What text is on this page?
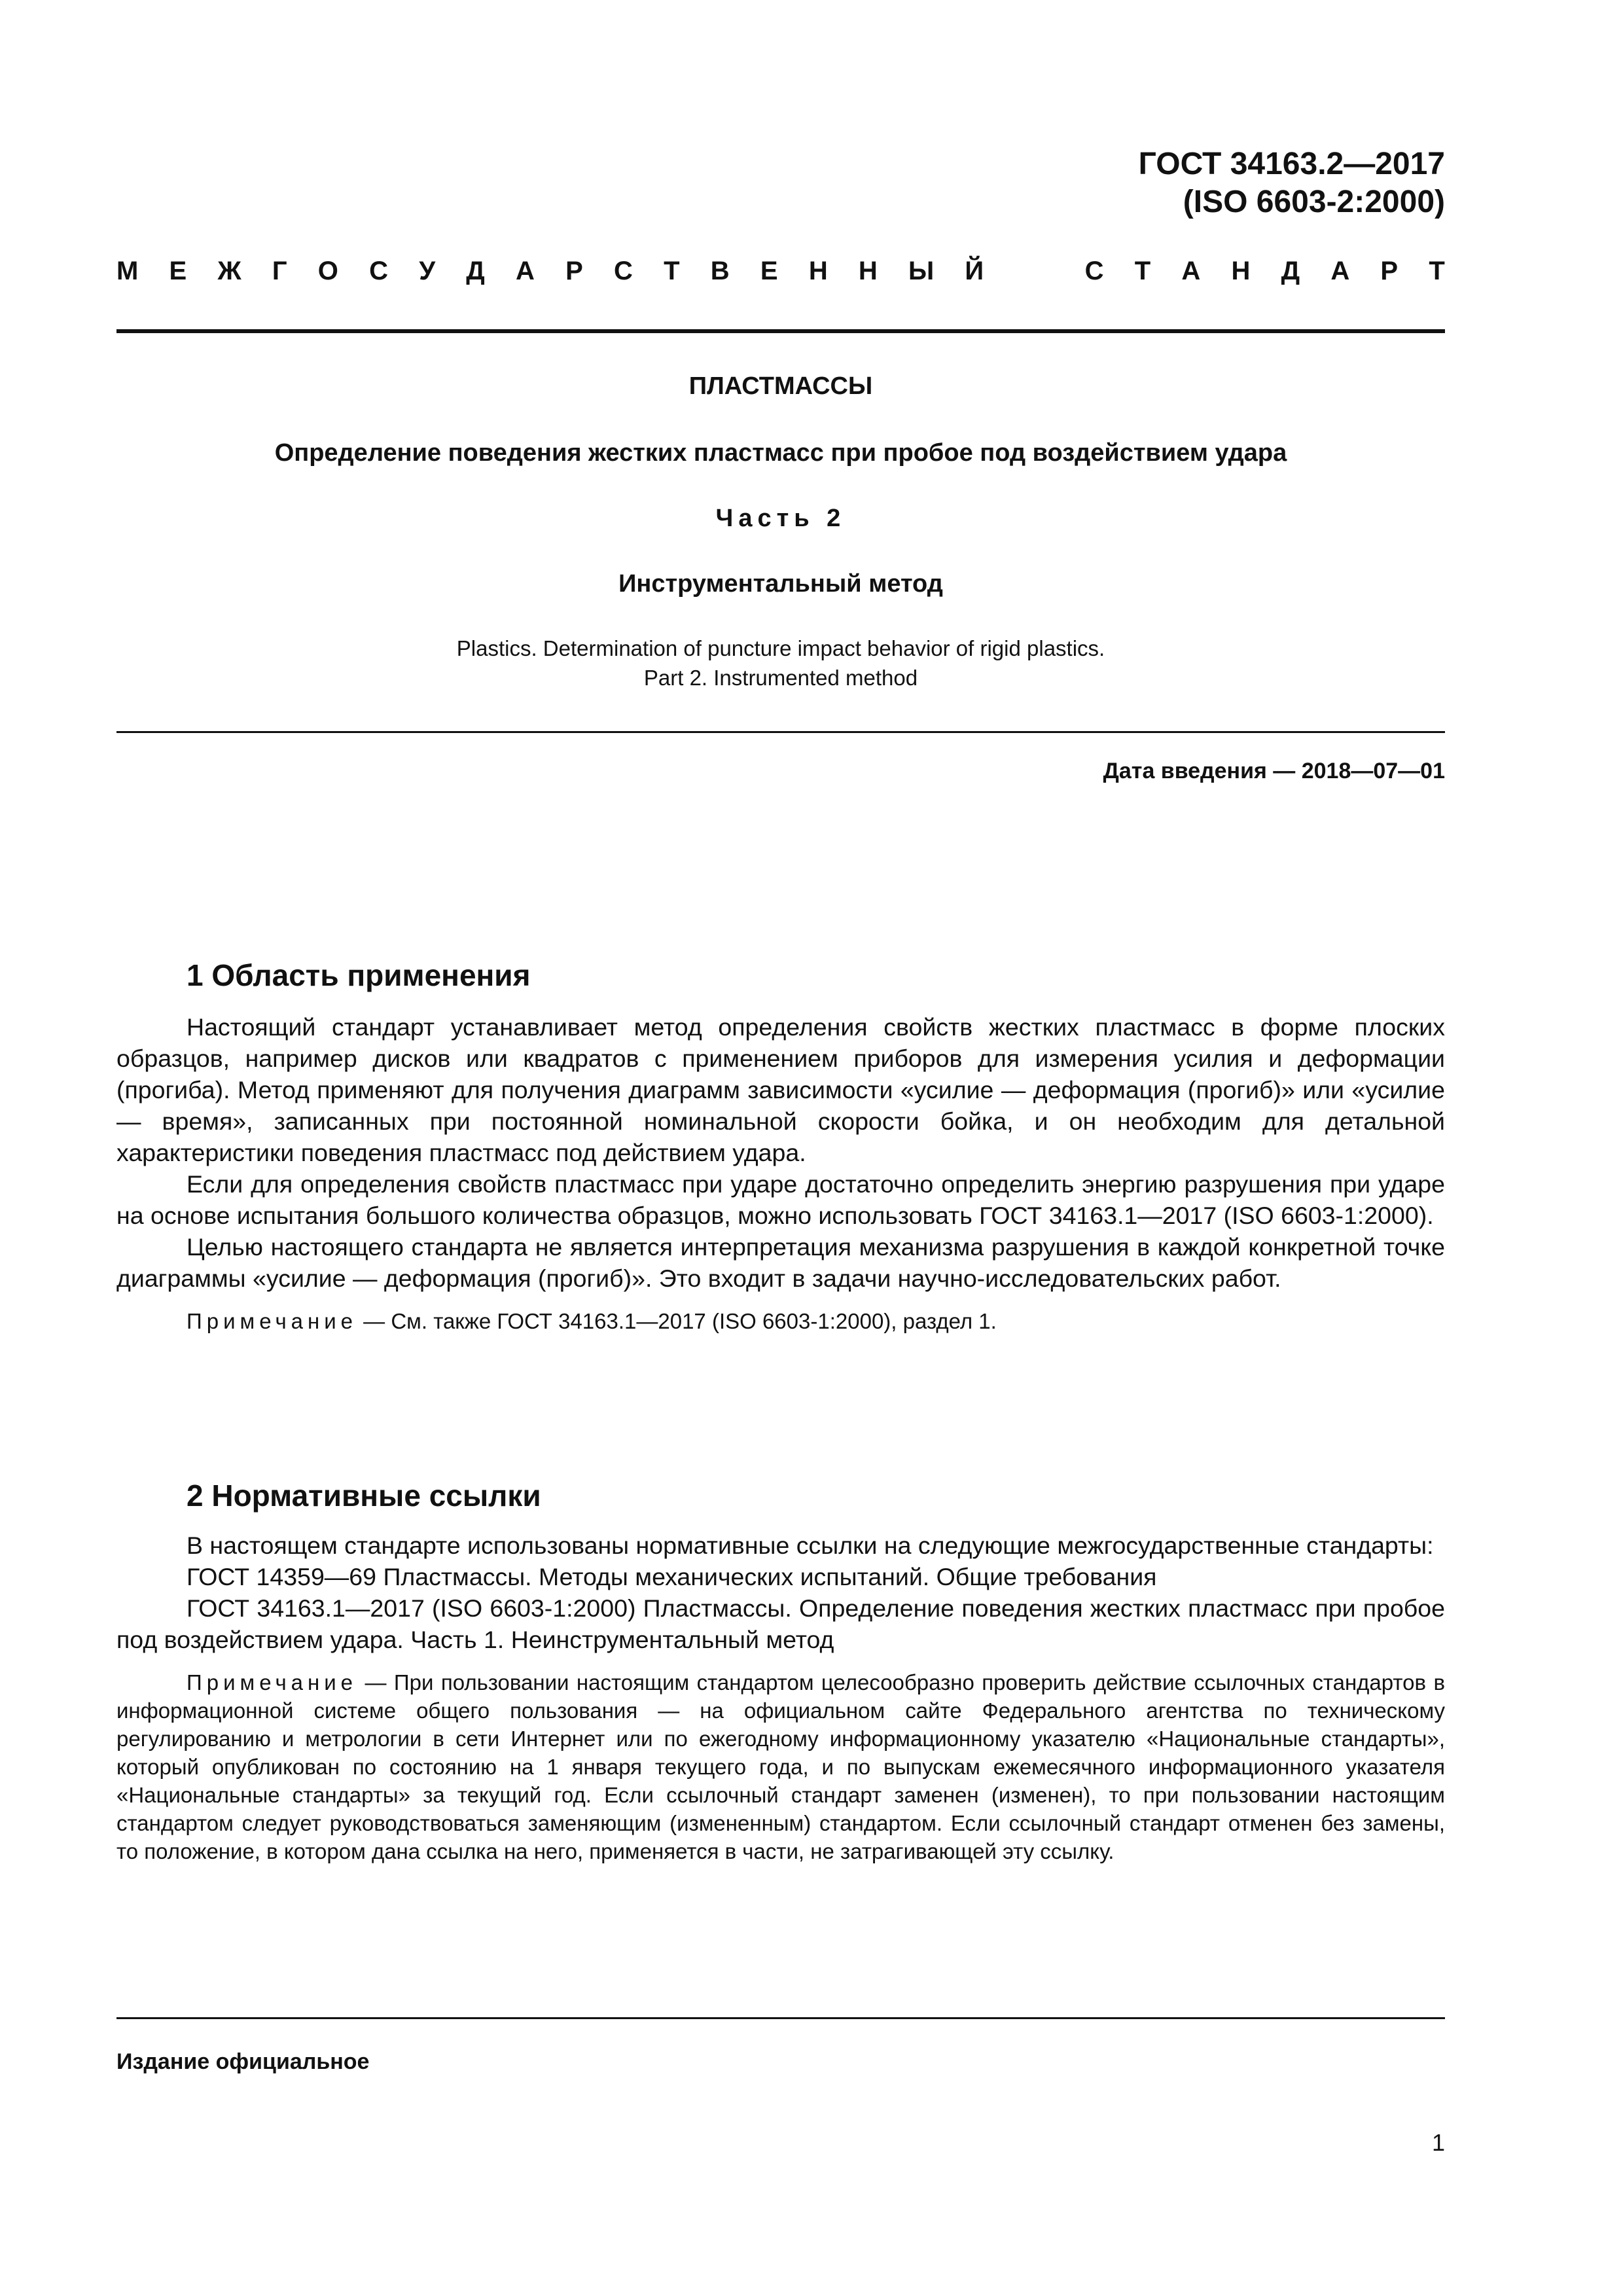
ГОСТ 34163.2—2017
(ISO 6603-2:2000)
М Е Ж Г О С У Д А Р С Т В Е Н Н Ы Й	С Т А Н Д А Р Т
ПЛАСТМАССЫ
Определение поведения жестких пластмасс при пробое под воздействием удара
Часть 2
Инструментальный метод
Plastics. Determination of puncture impact behavior of rigid plastics.
Part 2. Instrumented method
Дата введения — 2018—07—01
1 Область применения

Настоящий стандарт устанавливает метод определения свойств жестких пластмасс в форме плоских образцов, например дисков или квадратов с применением приборов для измерения усилия и деформации (прогиба). Метод применяют для получения диаграмм зависимости «усилие — деформация (прогиб)» или «усилие — время», записанных при постоянной номинальной скорости бойка, и он необходим для детальной характеристики поведения пластмасс под действием удара.

Если для определения свойств пластмасс при ударе достаточно определить энергию разрушения при ударе на основе испытания большого количества образцов, можно использовать ГОСТ 34163.1—2017 (ISO 6603-1:2000).

Целью настоящего стандарта не является интерпретация механизма разрушения в каждой конкретной точке диаграммы «усилие — деформация (прогиб)». Это входит в задачи научно-исследовательских работ.

Примечание — См. также ГОСТ 34163.1—2017 (ISO 6603-1:2000), раздел 1.

2 Нормативные ссылки

В настоящем стандарте использованы нормативные ссылки на следующие межгосударственные стандарты:

ГОСТ 14359—69 Пластмассы. Методы механических испытаний. Общие требования

ГОСТ 34163.1—2017 (ISO 6603-1:2000) Пластмассы. Определение поведения жестких пластмасс при пробое под воздействием удара. Часть 1. Неинструментальный метод

Примечание — При пользовании настоящим стандартом целесообразно проверить действие ссылочных стандартов в информационной системе общего пользования — на официальном сайте Федерального агентства по техническому регулированию и метрологии в сети Интернет или по ежегодному информационному указателю «Национальные стандарты», который опубликован по состоянию на 1 января текущего года, и по выпускам ежемесячного информационного указателя «Национальные стандарты» за текущий год. Если ссылочный стандарт заменен (изменен), то при пользовании настоящим стандартом следует руководствоваться заменяющим (измененным) стандартом. Если ссылочный стандарт отменен без замены, то положение, в котором дана ссылка на него, применяется в части, не затрагивающей эту ссылку.

Издание официальное
1
